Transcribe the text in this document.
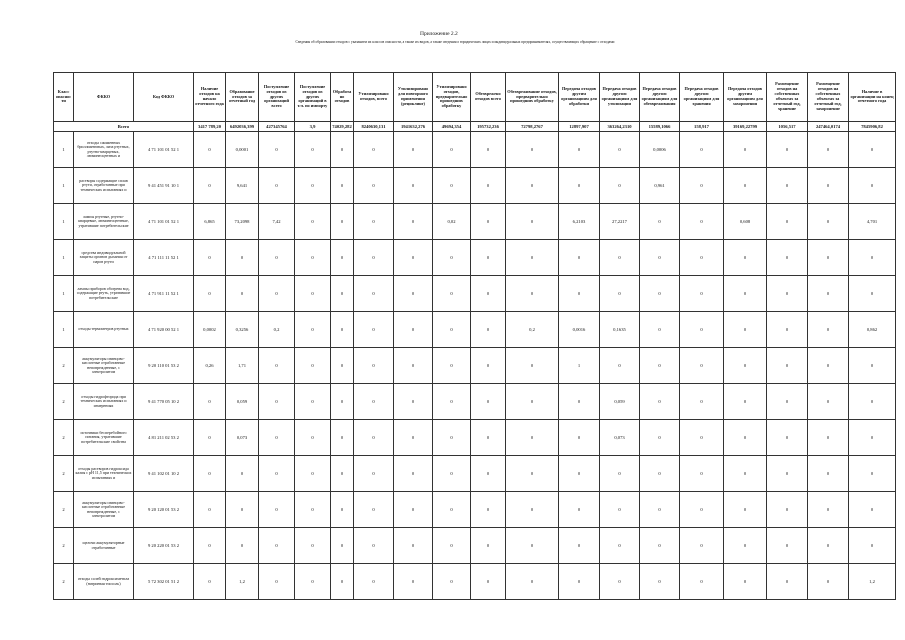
Приложение 2.2
Сведения об образовании отходов с указанием их классов опасности, а также их видов, а также сведения о юридических лицах и индивидуальных предпринимателях, осуществляющих обращение с отходами
Класс опасности	ФККО	Код ФККО	Наличие отходов на начало отчетного года	Образование отходов за отчетный год	Поступление отходов из других организаций всего	Поступление отходов из других организаций в т.ч. по импорту	Обработано отходов	Утилизировано отходов, всего	Утилизировано для повторного применения (рециклинг)	Утилизировано отходов, предварительно прошедших обработку	Обезврежено отходов всего	Обезвреживание отходов, предварительно прошедших обработку	Передача отходов другим организациям для обработки	Передача отходов другим организациям для утилизации	Передача отходов другим организациям для обезвреживания	Передача отходов другим организациям для хранения	Передача отходов другим организациям для захоронения	Размещение отходов на собственных объектах за отчетный год, хранение	Размещение отходов на собственных объектах за отчетный год, захоронение	Наличие в организации на конец отчетного года
Всего			3417 789,20	6492036,399	427345764	3,9	74029,282	8240630,131	1941632,276	49694,354	195732,236	72798,2767	12897,907	363264,2310	15589,1066	158,917	39169,22799	1056,517	247464,0174	7845906,82
1	отходы сжиженных бриллиантовых, лиза ртутных, ртутно-кварцевых, люминесцентных и	4 71 101 01 52 1	0	0,0001	0	0	0	0	0	0	0	0	0	0	0,0006	0	0	0	0	0
1	растворы содержащие сплав ртути, отработанные при технических испытаниях и	9 41 451 91 10 1	0	9,641	0	0	0	0	0	0	0	0	0	0	0,961	0	0	0	0	0
1	лампы ртутные, ртутно-кварцевые, люминесцентные, утратившие потребительские	4 71 101 01 52 1	6,865	73,2098	7,42	0	0	0	0	0,02	0	0	6,2103	27,2217	0	0	0,608	0	0	4,701
1	средства индивидуальной защиты органов дыхания от паров ртути	4 71 111 11 52 1	0	0	0	0	0	0	0	0	0	0	0	0	0	0	0	0	0	0
1	лампы приборов обогрева вод, содержащие ртуть, утратившие потребительские	4 71 911 11 52 1	0	0	0	0	0	0	0	0	0	0	0	0	0	0	0	0	0	0
1	отходы термометров ртутных	4 71 920 00 52 1	0,0002	0,3256	0,2	0	0	0	0	0	0	0,2	0,0016	0,1635	0	0	0	0	0	0,862
2	аккумуляторы свинцово-кислотные отработанные неповрежденные, с электролитом	9 20 110 01 53 2	0,26	1,71	0	0	0	0	0	0	0	0	1	0	0	0	0	0	0	0
2	отходы гидрофторида при технических испытаниях и измерениях	9 41 770 05 10 2	0	0,059	0	0	0	0	0	0	0	0	0	0,059	0	0	0	0	0	0
2	источники бесперебойного питания, утратившие потребительские свойства	4 81 211 02 53 2	0	0,073	0	0	0	0	0	0	0	0	0	0,073	0	0	0	0	0	0
2	отходы растворов гидроксида калия с pH 11,5 при технических испытаниях и	9 41 102 01 10 2	0	0	0	0	0	0	0	0	0	0	0	0	0	0	0	0	0	0
2	аккумуляторы свинцово-кислотные отработанные неповрежденные, с электролитом	9 20 120 01 53 2	0	0	0	0	0	0	0	0	0	0	0	0	0	0	0	0	0	0
2	щелочи аккумуляторные отработанные	9 20 220 01 53 2	0	0	0	0	0	0	0	0	0	0	0	0	0	0	0	0	0	0
2	отходы солей гидроксиметила (натриевая тиосоль)	5 72 302 01 51 2	0	1,2	0	0	0	0	0	0	0	0	0	0	0	0	0	0	0	1,2
